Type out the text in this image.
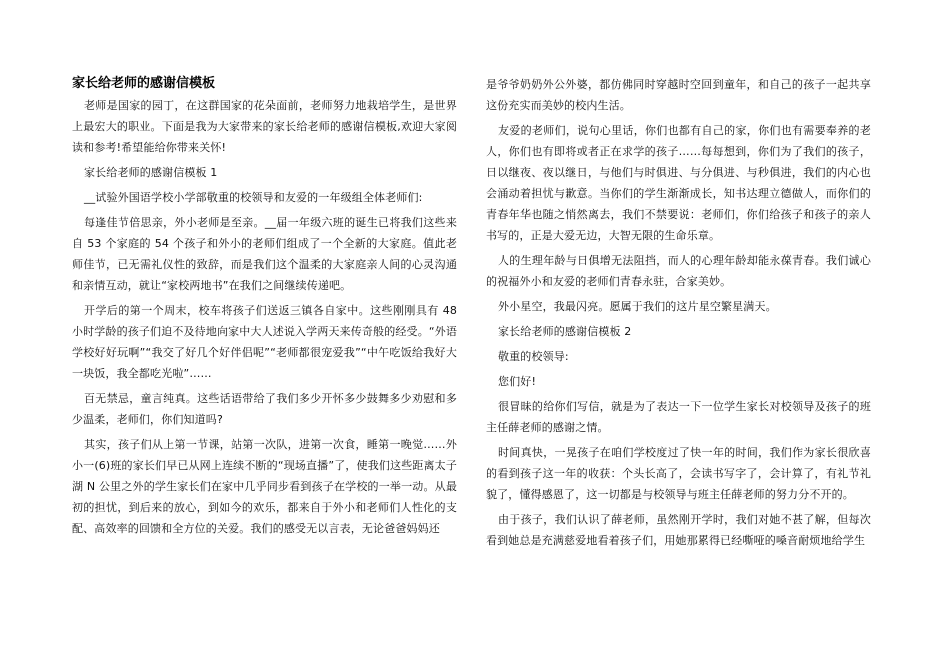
家长给老师的感谢信模板

老师是国家的园丁，在这群国家的花朵面前，老师努力地栽培学生，是世界上最宏大的职业。下面是我为大家带来的家长给老师的感谢信模板,欢迎大家阅读和参考!希望能给你带来关怀!

家长给老师的感谢信模板 1

__试验外国语学校小学部敬重的校领导和友爱的一年级组全体老师们:

每逢佳节倍思亲，外小老师是至亲。__届一年级六班的诞生已将我们这些来自 53 个家庭的 54 个孩子和外小的老师们组成了一个全新的大家庭。值此老师佳节，已无需礼仪性的致辞，而是我们这个温柔的大家庭亲人间的心灵沟通和亲情互动，就让“家校两地书”在我们之间继续传递吧。

开学后的第一个周末，校车将孩子们送返三镇各自家中。这些刚刚具有 48 小时学龄的孩子们迫不及待地向家中大人述说入学两天来传奇般的经受。“外语学校好好玩啊”“我交了好几个好伴侣呢”“老师都很宠爱我”“中午吃饭给我好大一块饭，我全都吃光啦”……

百无禁忌，童言纯真。这些话语带给了我们多少开怀多少鼓舞多少劝慰和多少温柔，老师们，你们知道吗?

其实，孩子们从上第一节课，站第一次队，进第一次食，睡第一晚觉……外小一(6)班的家长们早已从网上连续不断的“现场直播”了，使我们这些距离太子湖 N 公里之外的学生家长们在家中几乎同步看到孩子在学校的一举一动。从最初的担忧，到后来的放心，到如今的欢乐，都来自于外小和老师们人性化的支配、高效率的回馈和全方位的关爱。我们的感受无以言表，无论爸爸妈妈还

是爷爷奶奶外公外婆，都仿佛同时穿越时空回到童年，和自己的孩子一起共享这份充实而美妙的校内生活。

友爱的老师们，说句心里话，你们也都有自己的家，你们也有需要奉养的老人，你们也有即将或者正在求学的孩子……每每想到，你们为了我们的孩子，日以继夜、夜以继日，与他们与时俱进、与分俱进、与秒俱进，我们的内心也会涌动着担忧与歉意。当你们的学生渐渐成长，知书达理立德做人，而你们的青春年华也随之悄然离去，我们不禁要说：老师们，你们给孩子和孩子的亲人书写的，正是大爱无边，大智无限的生命乐章。

人的生理年龄与日俱增无法阻挡，而人的心理年龄却能永葆青春。我们诚心的祝福外小和友爱的老师们青春永驻，合家美妙。

外小星空，我最闪亮。愿属于我们的这片星空繁星满天。

家长给老师的感谢信模板 2

敬重的校领导:

您们好!

很冒昧的给你们写信，就是为了表达一下一位学生家长对校领导及孩子的班主任薛老师的感谢之情。

时间真快，一晃孩子在咱们学校度过了快一年的时间，我们作为家长很欣喜的看到孩子这一年的收获：个头长高了，会读书写字了，会计算了，有礼节礼貌了，懂得感恩了，这一切都是与校领导与班主任薛老师的努力分不开的。

由于孩子，我们认识了薛老师，虽然刚开学时，我们对她不甚了解，但每次看到她总是充满慈爱地看着孩子们，用她那累得已经嘶哑的嗓音耐烦地给学生
